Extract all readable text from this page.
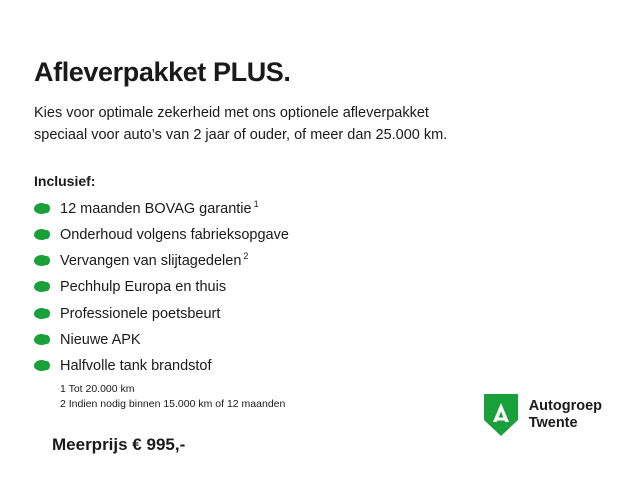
Afleverpakket PLUS.
Kies voor optimale zekerheid met ons optionele afleverpakket
speciaal voor auto’s van 2 jaar of ouder, of meer dan 25.000 km.
Inclusief:
12 maanden BOVAG garantie $^1$
Onderhoud volgens fabrieksopgave
Vervangen van slijtagedelen $^2$
Pechhulp Europa en thuis
Professionele poetsbeurt
Nieuwe APK
Halfvolle tank brandstof
1 Tot 20.000 km
2 Indien nodig binnen 15.000 km of 12 maanden
Meerprijs € 995,-
Autogroep
Twente
